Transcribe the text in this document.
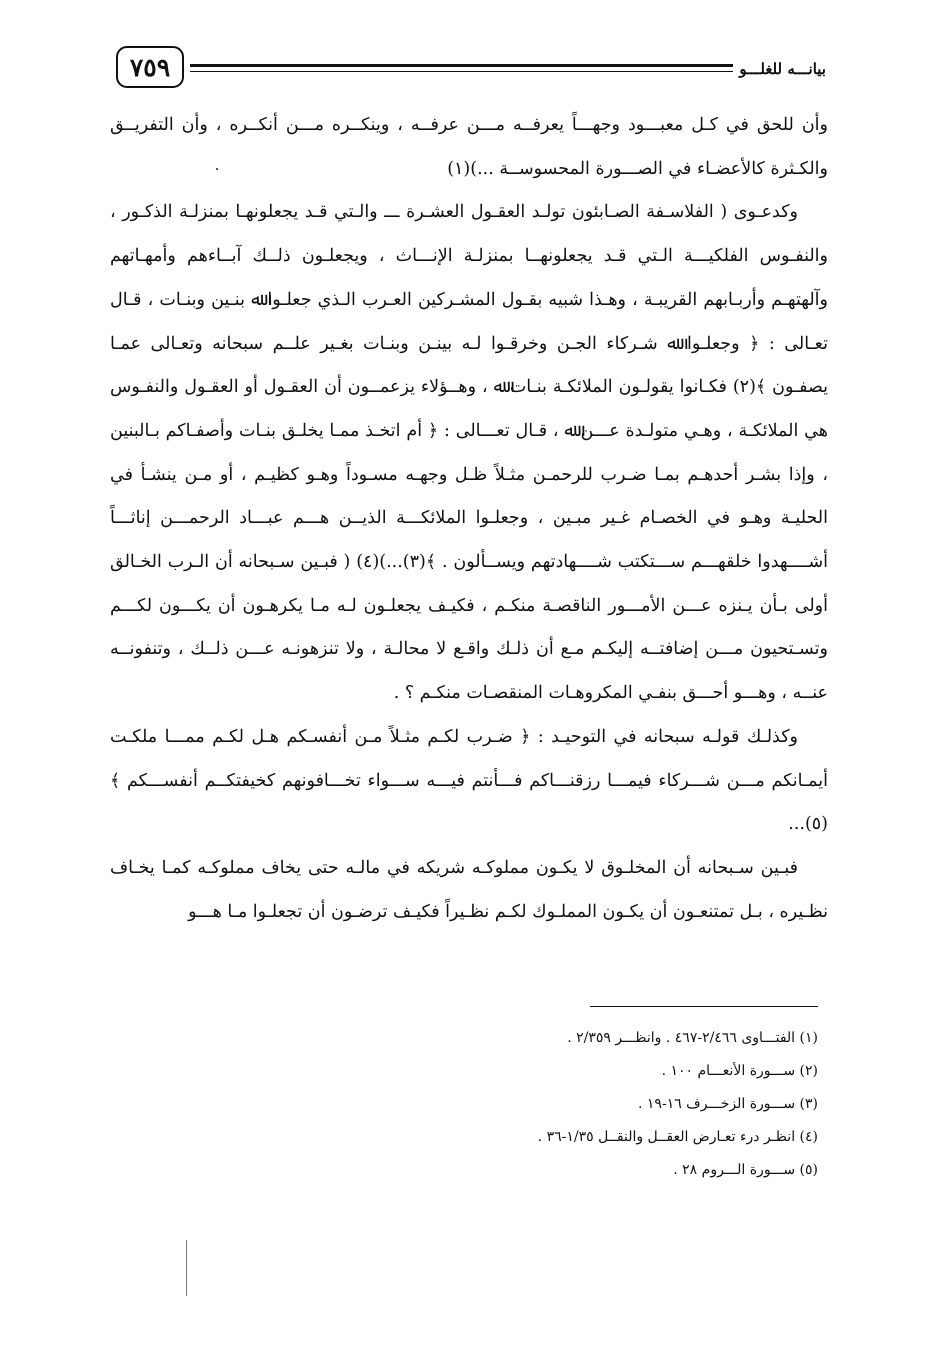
٧٥٩	بيانـــه للغلـــو

وأن للحق في كـل معبـــود وجهـــاً يعرفــه مـــن عرفــه ، وينكــره مـــن أنكــره ، وأن التفريــق والكـثرة كالأعضـاء في الصـــورة المحسوســة ...)(١)

وكدعـوى ( الفلاسـفة الصـابئون تولـد العقـول العشـرة ـــ والـتي قـد يجعلونهـا بمنزلـة الذكـور ، والنفـوس الفلكيـــة الـتي قـد يجعلونهــا بمنزلـة الإنـــاث ، ويجعلـون ذلــك آبــاءهم وأمهـاتهم وآلهتهـم وأربـابهم القريبـة ، وهـذا شبيه بقـول المشـركين العـرب الـذي جعلـوا ﷲ بنـين وبنـات ، قـال تعـالى : ﴿ وجعلـوا ﷲ شـركاء الجـن وخرقـوا لـه بينـن وبنـات بغـير علــم سبحانه وتعـالى عمـا يصفـون ﴾(٢) فكـانوا يقولـون الملائكـة بنـات ﷲ ، وهــؤلاء يزعمــون أن العقـول أو العقـول والنفـوس هي الملائكـة ، وهـي متولـدة عـــن ﷲ ، قـال تعـــالى : ﴿ أم اتخـذ ممـا يخلـق بنـات وأصفـاكم بـالبنين ، وإذا بشـر أحدهـم بمـا ضـرب للرحمـن مثـلاً ظـل وجهـه مسـوداً وهـو كظيـم ، أو مـن ينشـأ في الحليـة وهـو في الخصـام غـير مبـين ، وجعلـوا الملائكـــة الذيــن هـــم عبـــاد الرحمـــن إناثـــاً أشــــهدوا خلقهـــم ســـتكتب شــــهادتهم ويســألون . ﴾(٣)...)(٤) ( فبـين سـبحانه أن الـرب الخـالق أولى بـأن يـنزه عـــن الأمـــور الناقصـة منكـم ، فكيـف يجعلـون لـه مـا يكرهـون أن يكـــون لكـــم وتسـتحيون مـــن إضافتــه إليكـم مـع أن ذلـك واقـع لا محالـة ، ولا تنزهونـه عـــن ذلــك ، وتنفونــه عنــه ، وهـــو أحـــق بنفـي المكروهـات المنقصـات منكـم ؟ .

وكذلـك قولـه سبحانه في التوحيـد : ﴿ ضـرب لكـم مثـلاً مـن أنفسـكم هـل لكـم ممـــا ملكـت أيمـانكم مـــن شـــركاء فيمـــا رزقنـــاكم فـــأنتم فيـــه ســـواء تخـــافونهم كخيفتكــم أنفســـكم ﴾(٥)...

فبـين سـبحانه أن المخلـوق لا يكـون مملوكـه شريكه في مالـه حتى يخاف مملوكـه كمـا يخـاف نظـيره ، بـل تمتنعـون أن يكـون المملـوك لكـم نظـيراً فكيـف ترضـون أن تجعلـوا مـا هـــو

(١) الفتـــاوى ٢/٤٦٦-٤٦٧ . وانظـــر ٢/٣٥٩ .
(٢) ســـورة الأنعـــام ١٠٠ .
(٣) ســـورة الزخـــرف ١٦-١٩ .
(٤) انظـر درء تعـارض العقــل والنقــل ١/٣٥-٣٦ .
(٥) ســـورة الـــروم ٢٨ .
